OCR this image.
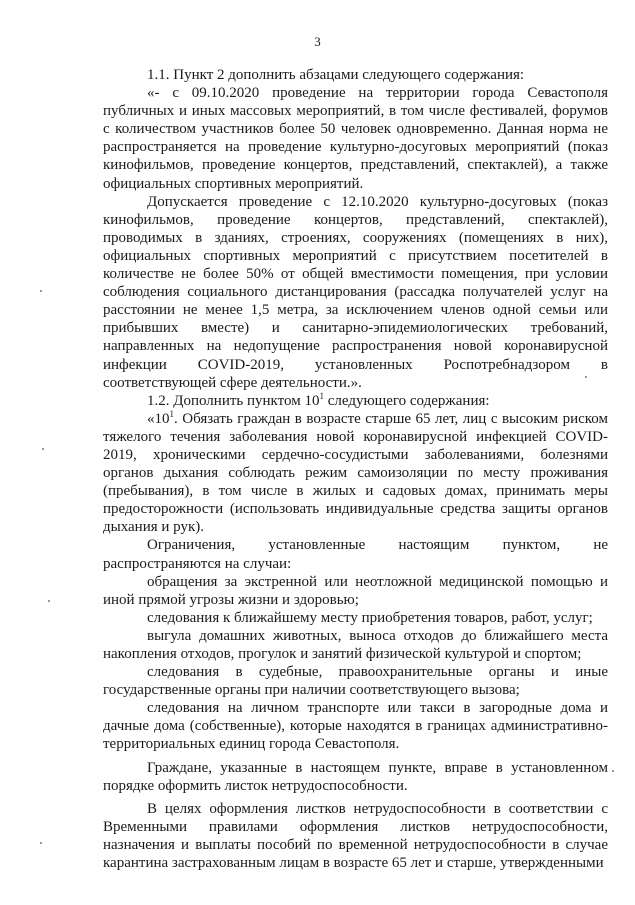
3

1.1. Пункт 2 дополнить абзацами следующего содержания:

«- с 09.10.2020 проведение на территории города Севастополя публичных и иных массовых мероприятий, в том числе фестивалей, форумов с количеством участников более 50 человек одновременно. Данная норма не распространяется на проведение культурно-досуговых мероприятий (показ кинофильмов, проведение концертов, представлений, спектаклей), а также официальных спортивных мероприятий.

Допускается проведение с 12.10.2020 культурно-досуговых (показ кинофильмов, проведение концертов, представлений, спектаклей), проводимых в зданиях, строениях, сооружениях (помещениях в них), официальных спортивных мероприятий с присутствием посетителей в количестве не более 50% от общей вместимости помещения, при условии соблюдения социального дистанцирования (рассадка получателей услуг на расстоянии не менее 1,5 метра, за исключением членов одной семьи или прибывших вместе) и санитарно-эпидемиологических требований, направленных на недопущение распространения новой коронавирусной инфекции COVID-2019, установленных Роспотребнадзором в соответствующей сфере деятельности.».

1.2. Дополнить пунктом $10^1$ следующего содержания:

«$10^1$. Обязать граждан в возрасте старше 65 лет, лиц с высоким риском тяжелого течения заболевания новой коронавирусной инфекцией COVID-2019, хроническими сердечно-сосудистыми заболеваниями, болезнями органов дыхания соблюдать режим самоизоляции по месту проживания (пребывания), в том числе в жилых и садовых домах, принимать меры предосторожности (использовать индивидуальные средства защиты органов дыхания и рук).

Ограничения, установленные настоящим пунктом, не распространяются на случаи:

обращения за экстренной или неотложной медицинской помощью и иной прямой угрозы жизни и здоровью;

следования к ближайшему месту приобретения товаров, работ, услуг;

выгула домашних животных, выноса отходов до ближайшего места накопления отходов, прогулок и занятий физической культурой и спортом;

следования в судебные, правоохранительные органы и иные государственные органы при наличии соответствующего вызова;

следования на личном транспорте или такси в загородные дома и дачные дома (собственные), которые находятся в границах административно-территориальных единиц города Севастополя.

Граждане, указанные в настоящем пункте, вправе в установленном порядке оформить листок нетрудоспособности.

В целях оформления листков нетрудоспособности в соответствии с Временными правилами оформления листков нетрудоспособности, назначения и выплаты пособий по временной нетрудоспособности в случае карантина застрахованным лицам в возрасте 65 лет и старше, утвержденными
